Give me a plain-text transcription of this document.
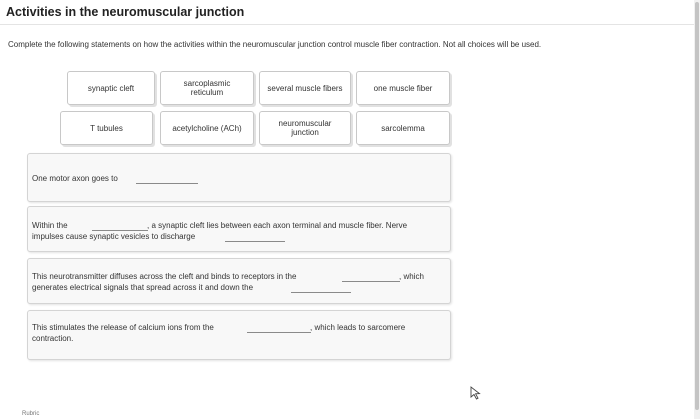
Activities in the neuromuscular junction
Complete the following statements on how the activities within the neuromuscular junction control muscle fiber contraction. Not all choices will be used.
synaptic cleft	sarcoplasmic reticulum	several muscle fibers	one muscle fiber
T tubules	acetylcholine (ACh)	neuromuscular junction	sarcolemma
One motor axon goes to
Within the	, a synaptic cleft lies between each axon terminal and muscle fiber. Nerve
impulses cause synaptic vesicles to discharge
This neurotransmitter diffuses across the cleft and binds to receptors in the	, which
generates electrical signals that spread across it and down the
This stimulates the release of calcium ions from the	, which leads to sarcomere
contraction.
Rubric
